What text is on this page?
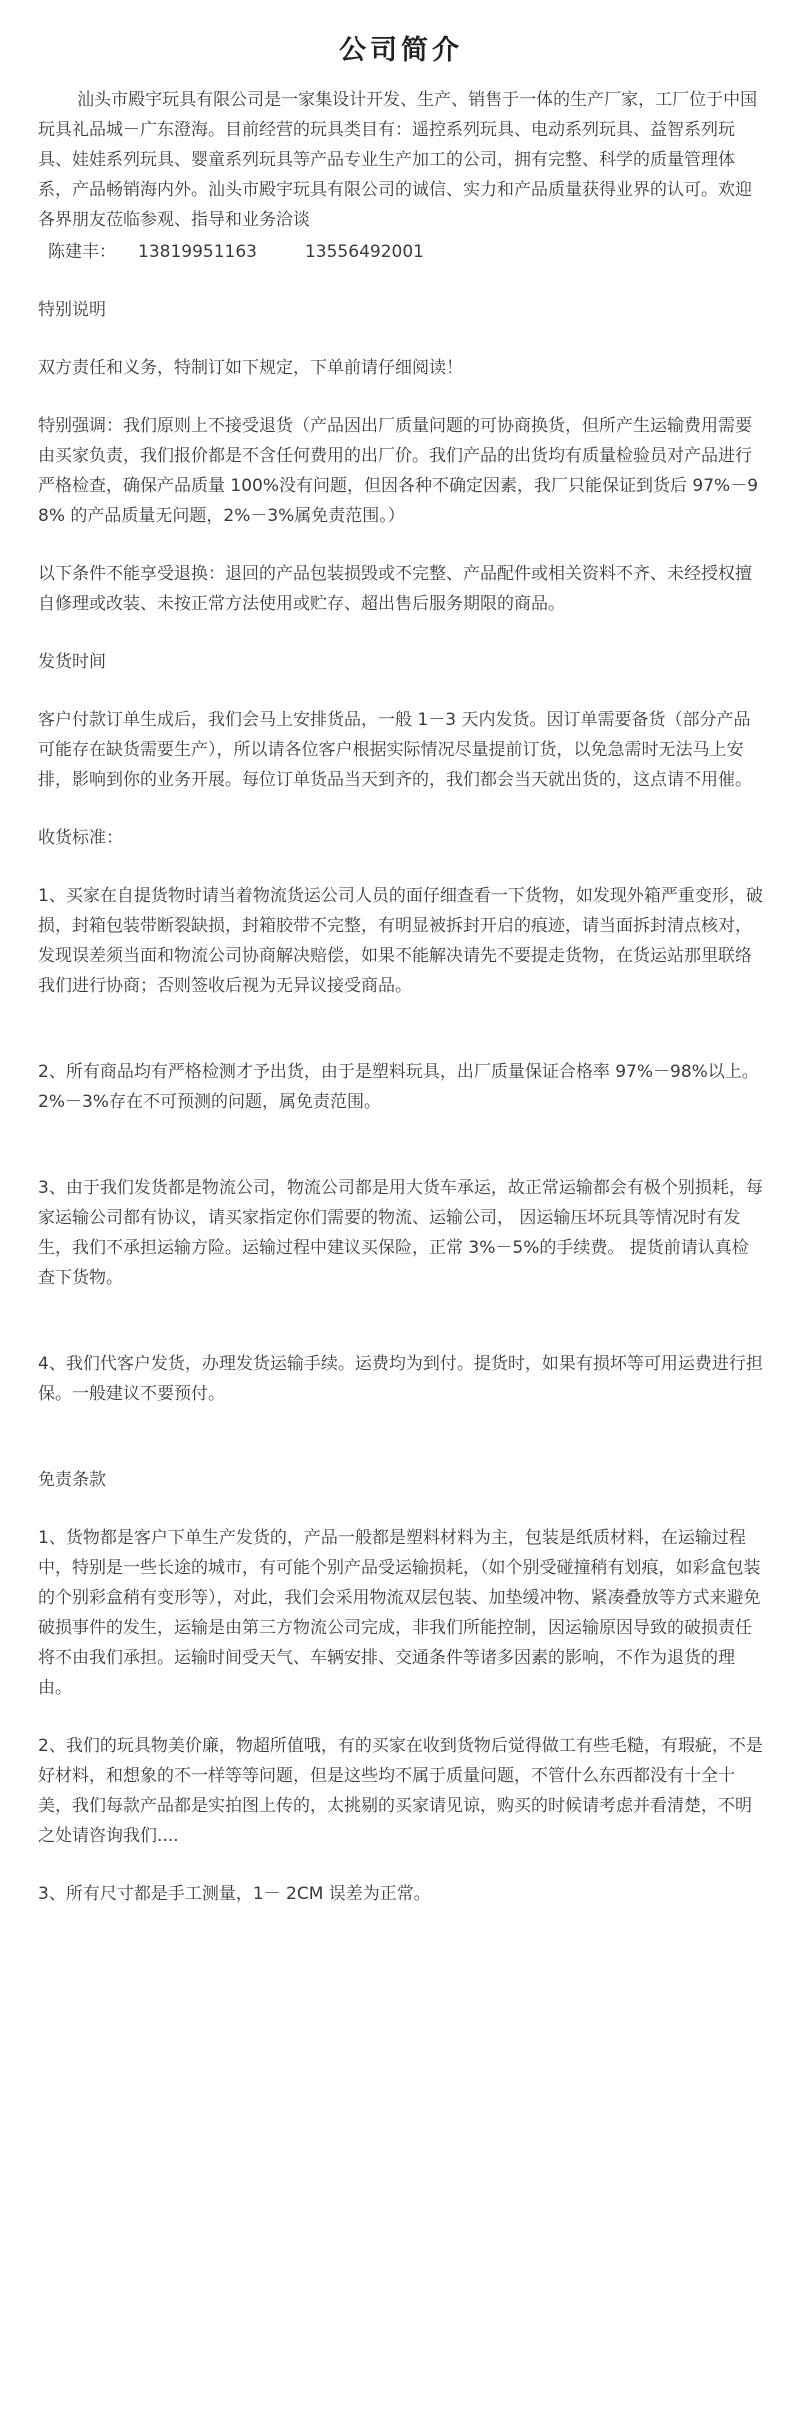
公司简介

汕头市殿宇玩具有限公司是一家集设计开发、生产、销售于一体的生产厂家，工厂位于中国玩具礼品城－广东澄海。目前经营的玩具类目有：遥控系列玩具、电动系列玩具、益智系列玩具、娃娃系列玩具、婴童系列玩具等产品专业生产加工的公司，拥有完整、科学的质量管理体系，产品畅销海内外。汕头市殿宇玩具有限公司的诚信、实力和产品质量获得业界的认可。欢迎各界朋友莅临参观、指导和业务洽谈

陈建丰： 13819951163	13556492001

特别说明

双方责任和义务，特制订如下规定，下单前请仔细阅读！

特别强调：我们原则上不接受退货（产品因出厂质量问题的可协商换货，但所产生运输费用需要由买家负责，我们报价都是不含任何费用的出厂价。我们产品的出货均有质量检验员对产品进行严格检查，确保产品质量 100%没有问题，但因各种不确定因素，我厂只能保证到货后 97%－98% 的产品质量无问题，2%－3%属免责范围。）

以下条件不能享受退换：退回的产品包装损毁或不完整、产品配件或相关资料不齐、未经授权擅自修理或改装、未按正常方法使用或贮存、超出售后服务期限的商品。

发货时间

客户付款订单生成后，我们会马上安排货品，一般 1－3 天内发货。因订单需要备货（部分产品可能存在缺货需要生产），所以请各位客户根据实际情况尽量提前订货，以免急需时无法马上安排，影响到你的业务开展。每位订单货品当天到齐的，我们都会当天就出货的，这点请不用催。

收货标准：

1、买家在自提货物时请当着物流货运公司人员的面仔细查看一下货物，如发现外箱严重变形，破损，封箱包装带断裂缺损，封箱胶带不完整，有明显被拆封开启的痕迹，请当面拆封清点核对，发现误差须当面和物流公司协商解决赔偿，如果不能解决请先不要提走货物，在货运站那里联络我们进行协商；否则签收后视为无异议接受商品。

2、所有商品均有严格检测才予出货，由于是塑料玩具，出厂质量保证合格率 97%－98%以上。2%－3%存在不可预测的问题，属免责范围。

3、由于我们发货都是物流公司，物流公司都是用大货车承运，故正常运输都会有极个别损耗，每家运输公司都有协议，请买家指定你们需要的物流、运输公司， 因运输压坏玩具等情况时有发生，我们不承担运输方险。运输过程中建议买保险，正常 3%－5%的手续费。 提货前请认真检查下货物。

4、我们代客户发货，办理发货运输手续。运费均为到付。提货时，如果有损坏等可用运费进行担保。一般建议不要预付。

免责条款

1、货物都是客户下单生产发货的，产品一般都是塑料材料为主，包装是纸质材料，在运输过程中，特别是一些长途的城市，有可能个别产品受运输损耗，（如个别受碰撞稍有划痕，如彩盒包装的个别彩盒稍有变形等），对此，我们会采用物流双层包装、加垫缓冲物、紧凑叠放等方式来避免破损事件的发生，运输是由第三方物流公司完成，非我们所能控制，因运输原因导致的破损责任将不由我们承担。运输时间受天气、车辆安排、交通条件等诸多因素的影响，不作为退货的理由。

2、我们的玩具物美价廉，物超所值哦，有的买家在收到货物后觉得做工有些毛糙，有瑕疵，不是好材料，和想象的不一样等等问题，但是这些均不属于质量问题，不管什么东西都没有十全十美，我们每款产品都是实拍图上传的，太挑剔的买家请见谅，购买的时候请考虑并看清楚，不明之处请咨询我们....

3、所有尺寸都是手工测量，1－ 2CM 误差为正常。
